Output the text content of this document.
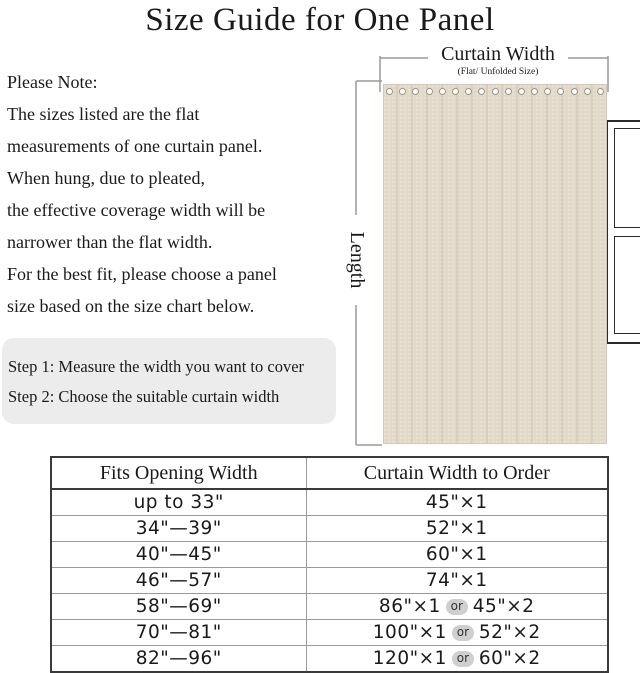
Size Guide for One Panel
Please Note:
The sizes listed are the flat
measurements of one curtain panel.
When hung, due to pleated,
the effective coverage width will be
narrower than the flat width.
For the best fit, please choose a panel
size based on the size chart below.
Step 1: Measure the width you want to cover
Step 2: Choose the suitable curtain width
Curtain Width
(Flat/ Unfolded Size)
Length
Fits Opening Width	Curtain Width to Order
up to 33"	45"×1
34"—39"	52"×1
40"—45"	60"×1
46"—57"	74"×1
58"—69"	86"×1 or 45"×2
70"—81"	100"×1 or 52"×2
82"—96"	120"×1 or 60"×2
